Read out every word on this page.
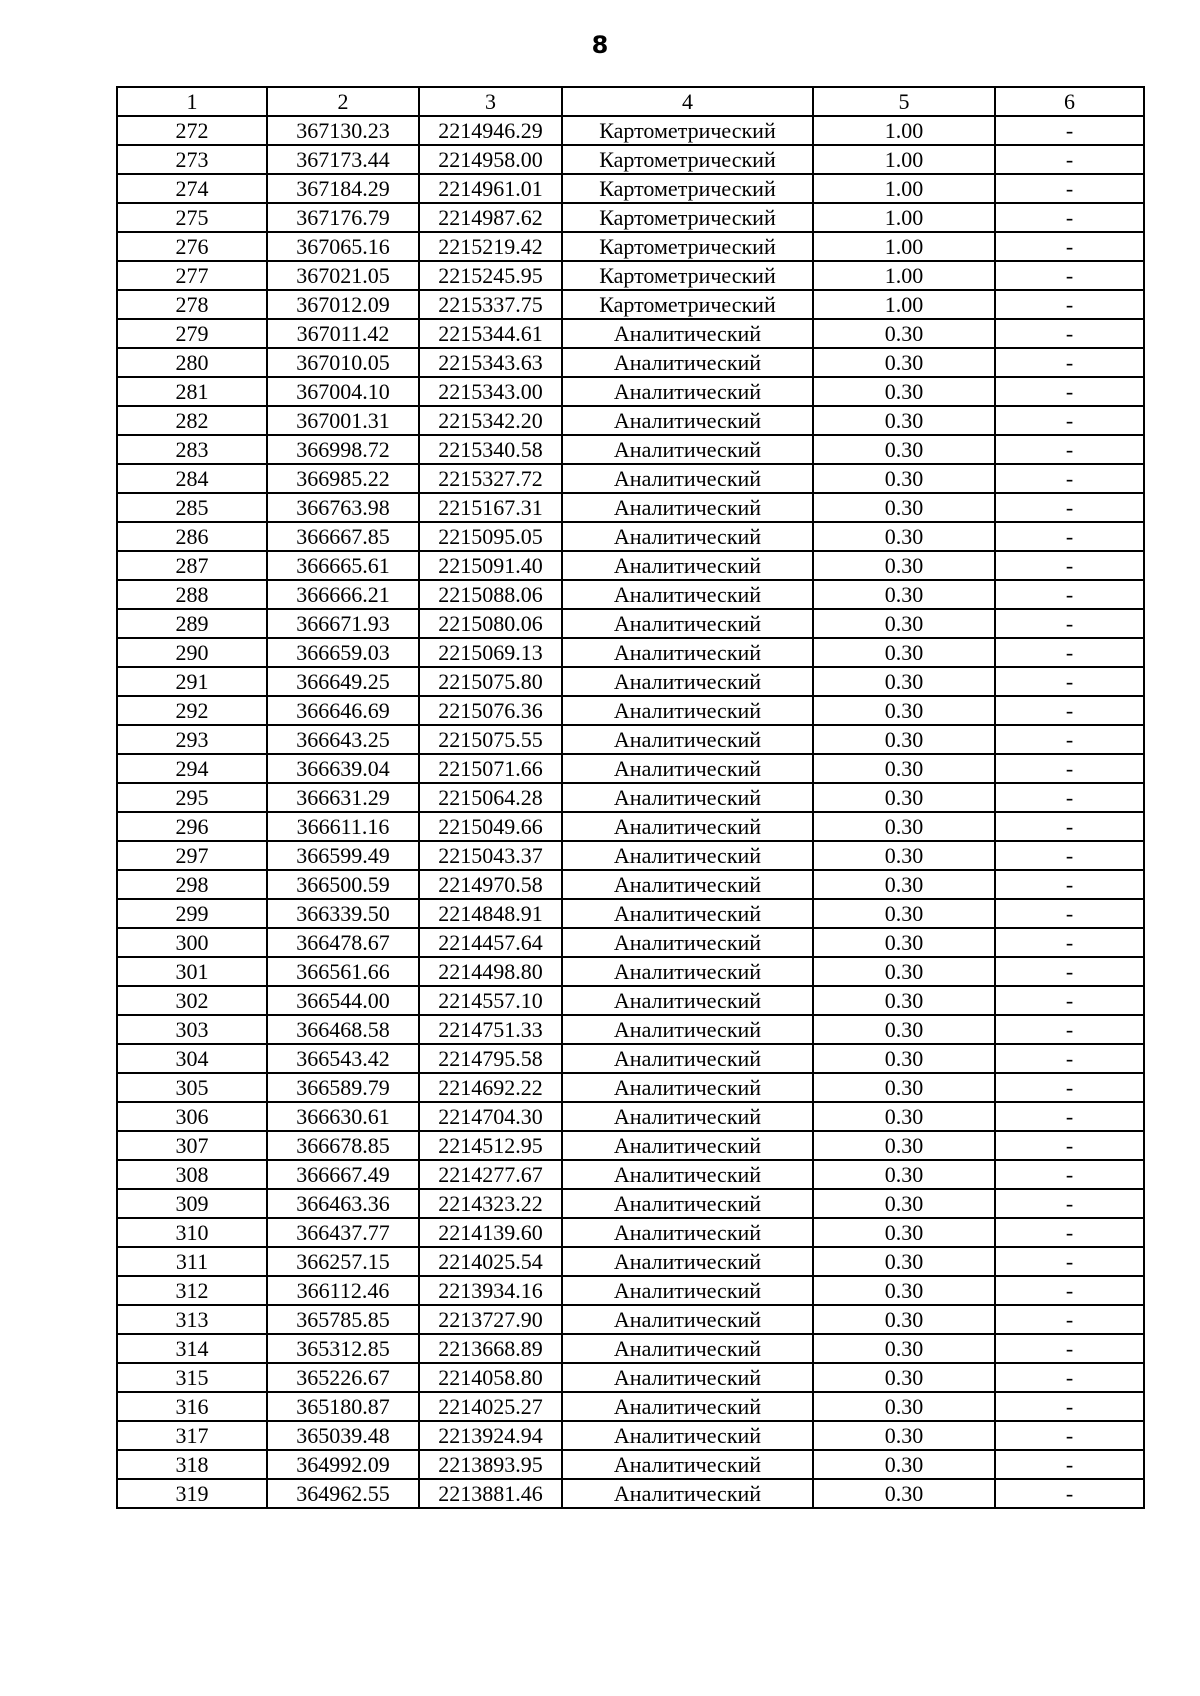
8
1	2	3	4	5	6
272	367130.23	2214946.29	Картометрический	1.00	-
273	367173.44	2214958.00	Картометрический	1.00	-
274	367184.29	2214961.01	Картометрический	1.00	-
275	367176.79	2214987.62	Картометрический	1.00	-
276	367065.16	2215219.42	Картометрический	1.00	-
277	367021.05	2215245.95	Картометрический	1.00	-
278	367012.09	2215337.75	Картометрический	1.00	-
279	367011.42	2215344.61	Аналитический	0.30	-
280	367010.05	2215343.63	Аналитический	0.30	-
281	367004.10	2215343.00	Аналитический	0.30	-
282	367001.31	2215342.20	Аналитический	0.30	-
283	366998.72	2215340.58	Аналитический	0.30	-
284	366985.22	2215327.72	Аналитический	0.30	-
285	366763.98	2215167.31	Аналитический	0.30	-
286	366667.85	2215095.05	Аналитический	0.30	-
287	366665.61	2215091.40	Аналитический	0.30	-
288	366666.21	2215088.06	Аналитический	0.30	-
289	366671.93	2215080.06	Аналитический	0.30	-
290	366659.03	2215069.13	Аналитический	0.30	-
291	366649.25	2215075.80	Аналитический	0.30	-
292	366646.69	2215076.36	Аналитический	0.30	-
293	366643.25	2215075.55	Аналитический	0.30	-
294	366639.04	2215071.66	Аналитический	0.30	-
295	366631.29	2215064.28	Аналитический	0.30	-
296	366611.16	2215049.66	Аналитический	0.30	-
297	366599.49	2215043.37	Аналитический	0.30	-
298	366500.59	2214970.58	Аналитический	0.30	-
299	366339.50	2214848.91	Аналитический	0.30	-
300	366478.67	2214457.64	Аналитический	0.30	-
301	366561.66	2214498.80	Аналитический	0.30	-
302	366544.00	2214557.10	Аналитический	0.30	-
303	366468.58	2214751.33	Аналитический	0.30	-
304	366543.42	2214795.58	Аналитический	0.30	-
305	366589.79	2214692.22	Аналитический	0.30	-
306	366630.61	2214704.30	Аналитический	0.30	-
307	366678.85	2214512.95	Аналитический	0.30	-
308	366667.49	2214277.67	Аналитический	0.30	-
309	366463.36	2214323.22	Аналитический	0.30	-
310	366437.77	2214139.60	Аналитический	0.30	-
311	366257.15	2214025.54	Аналитический	0.30	-
312	366112.46	2213934.16	Аналитический	0.30	-
313	365785.85	2213727.90	Аналитический	0.30	-
314	365312.85	2213668.89	Аналитический	0.30	-
315	365226.67	2214058.80	Аналитический	0.30	-
316	365180.87	2214025.27	Аналитический	0.30	-
317	365039.48	2213924.94	Аналитический	0.30	-
318	364992.09	2213893.95	Аналитический	0.30	-
319	364962.55	2213881.46	Аналитический	0.30	-
